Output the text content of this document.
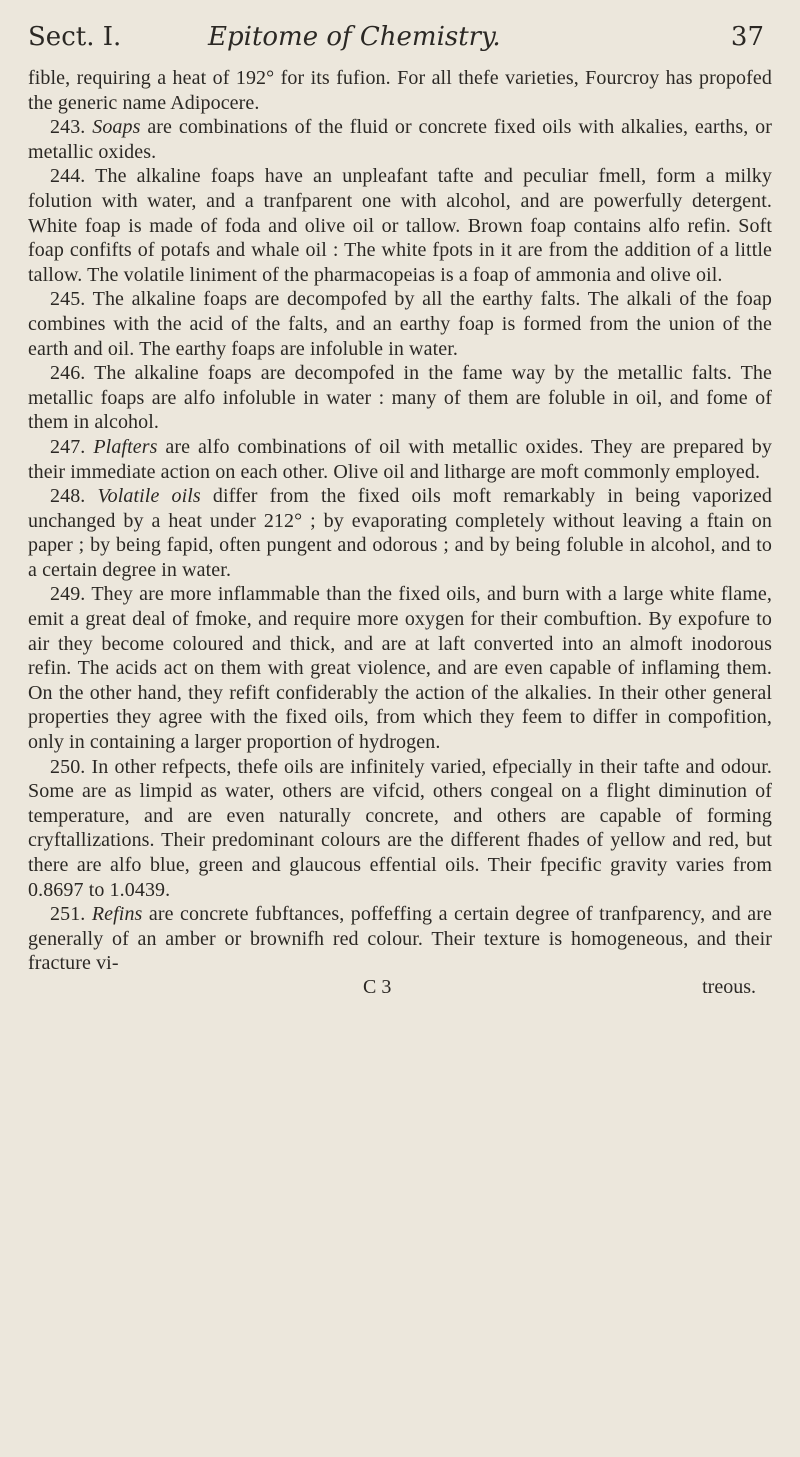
Sect. I.	Epitome of Chemistry.	37

fible, requiring a heat of 192° for its fufion. For all thefe varieties, Fourcroy has propofed the generic name Adipocere.

243. Soaps are combinations of the fluid or concrete fixed oils with alkalies, earths, or metallic oxides.

244. The alkaline foaps have an unpleafant tafte and peculiar fmell, form a milky folution with water, and a tranfparent one with alcohol, and are powerfully detergent. White foap is made of foda and olive oil or tallow. Brown foap contains alfo refin. Soft foap confifts of potafs and whale oil : The white fpots in it are from the addition of a little tallow. The volatile liniment of the pharmacopeias is a foap of ammonia and olive oil.

245. The alkaline foaps are decompofed by all the earthy falts. The alkali of the foap combines with the acid of the falts, and an earthy foap is formed from the union of the earth and oil. The earthy foaps are infoluble in water.

246. The alkaline foaps are decompofed in the fame way by the metallic falts. The metallic foaps are alfo infoluble in water : many of them are foluble in oil, and fome of them in alcohol.

247. Plafters are alfo combinations of oil with metallic oxides. They are prepared by their immediate action on each other. Olive oil and litharge are moft commonly employed.

248. Volatile oils differ from the fixed oils moft remarkably in being vaporized unchanged by a heat under 212° ; by evaporating completely without leaving a ftain on paper ; by being fapid, often pungent and odorous ; and by being foluble in alcohol, and to a certain degree in water.

249. They are more inflammable than the fixed oils, and burn with a large white flame, emit a great deal of fmoke, and require more oxygen for their combuftion. By expofure to air they become coloured and thick, and are at laft converted into an almoft inodorous refin. The acids act on them with great violence, and are even capable of inflaming them. On the other hand, they refift confiderably the action of the alkalies. In their other general properties they agree with the fixed oils, from which they feem to differ in compofition, only in containing a larger proportion of hydrogen.

250. In other refpects, thefe oils are infinitely varied, efpecially in their tafte and odour. Some are as limpid as water, others are vifcid, others congeal on a flight diminution of temperature, and are even naturally concrete, and others are capable of forming cryftallizations. Their predominant colours are the different fhades of yellow and red, but there are alfo blue, green and glaucous effential oils. Their fpecific gravity varies from 0.8697 to 1.0439.

251. Refins are concrete fubftances, poffeffing a certain degree of tranfparency, and are generally of an amber or brownifh red colour. Their texture is homogeneous, and their fracture vi-

C 3	treous.
